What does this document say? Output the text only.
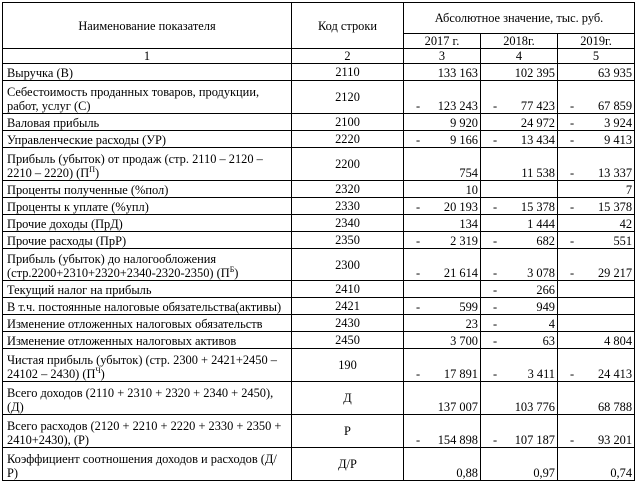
Наименование показателя	Код строки	Абсолютное значение, тыс. руб.		
		2017 г.	2018г.	2019г.
1	2	3	4	5
Выручка (В)	2110	133 163	102 395	63 935
Себестоимость проданных товаров, продукции, работ, услуг (С)	2120	- 123 243	- 77 423	- 67 859
Валовая прибыль	2100	9 920	24 972	- 3 924
Управленческие расходы (УР)	2220	- 9 166	- 13 434	- 9 413
Прибыль (убыток) от продаж (стр. 2110 – 2120 – 2210 – 2220) $(П^П)$	2200	754	11 538	- 13 337
Проценты полученные (%пол)	2320	10		7
Проценты к уплате (%упл)	2330	- 20 193	- 15 378	- 15 378
Прочие доходы (ПрД)	2340	134	1 444	42
Прочие расходы (ПрР)	2350	- 2 319	- 682	- 551
Прибыль (убыток) до налогообложения (стр.2200+2310+2320+2340-2320-2350) $(П^Б)$	2300	- 21 614	- 3 078	- 29 217
Текущий налог на прибыль	2410		- 266	
В т.ч. постоянные налоговые обязательства(активы)	2421	- 599	- 949	
Изменение отложенных налоговых обязательств	2430	23	- 4	
Изменение отложенных налоговых активов	2450	3 700	- 63	4 804
Чистая прибыль (убыток) (стр. 2300 + 2421+2450 – 24102 – 2430) $(П^Ч)$	190	- 17 891	- 3 411	- 24 413
Всего доходов (2110 + 2310 + 2320 + 2340 + 2450), (Д)	Д	137 007	103 776	68 788
Всего расходов (2120 + 2210 + 2220 + 2330 + 2350 + 2410+2430), (Р)	Р	- 154 898	- 107 187	- 93 201
Коэффициент соотношения доходов и расходов (Д/Р)	Д/Р	0,88	0,97	0,74
